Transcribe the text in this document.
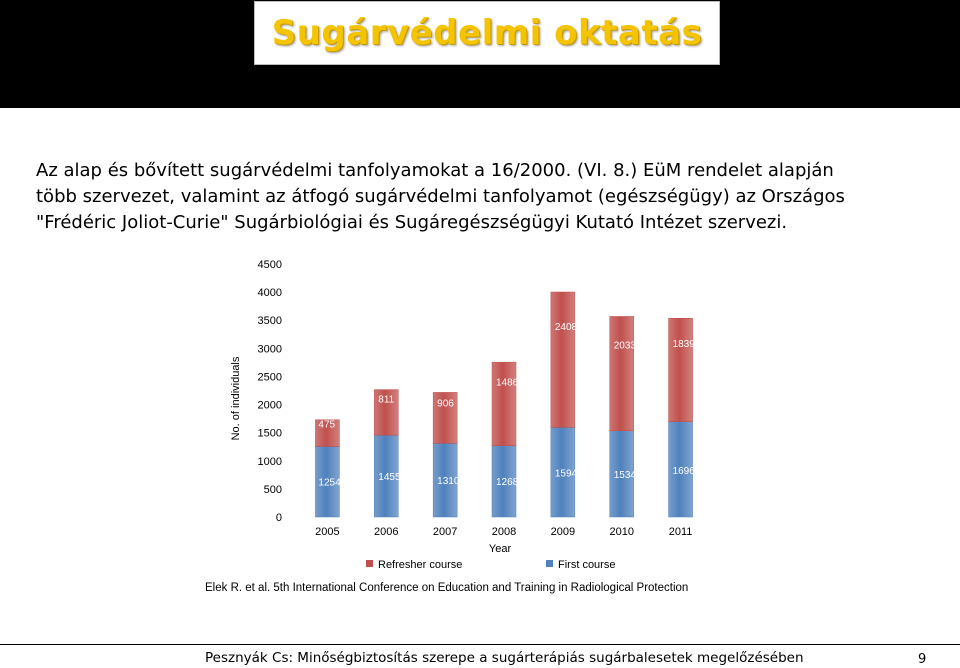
Sugárvédelmi oktatás
Az alap és bővített sugárvédelmi tanfolyamokat a 16/2000. (VI. 8.) EüM rendelet alapján
több szervezet, valamint az átfogó sugárvédelmi tanfolyamot (egészségügy) az Országos
"Frédéric Joliot-Curie" Sugárbiológiai és Sugáregészségügyi Kutató Intézet szervezi.
0
500
1000
1500
2000
2500
3000
3500
4000
4500
No. of individuals
1254
475
2005
1455
811
2006
1310
906
2007
1268
1486
2008
1594
2408
2009
1534
2033
2010
1696
1839
2011
Year
Refresher course	First course
Elek R. et al. 5th International Conference on Education and Training in Radiological Protection
Pesznyák Cs: Minőségbiztosítás szerepe a sugárterápiás sugárbalesetek megelőzésében	9
